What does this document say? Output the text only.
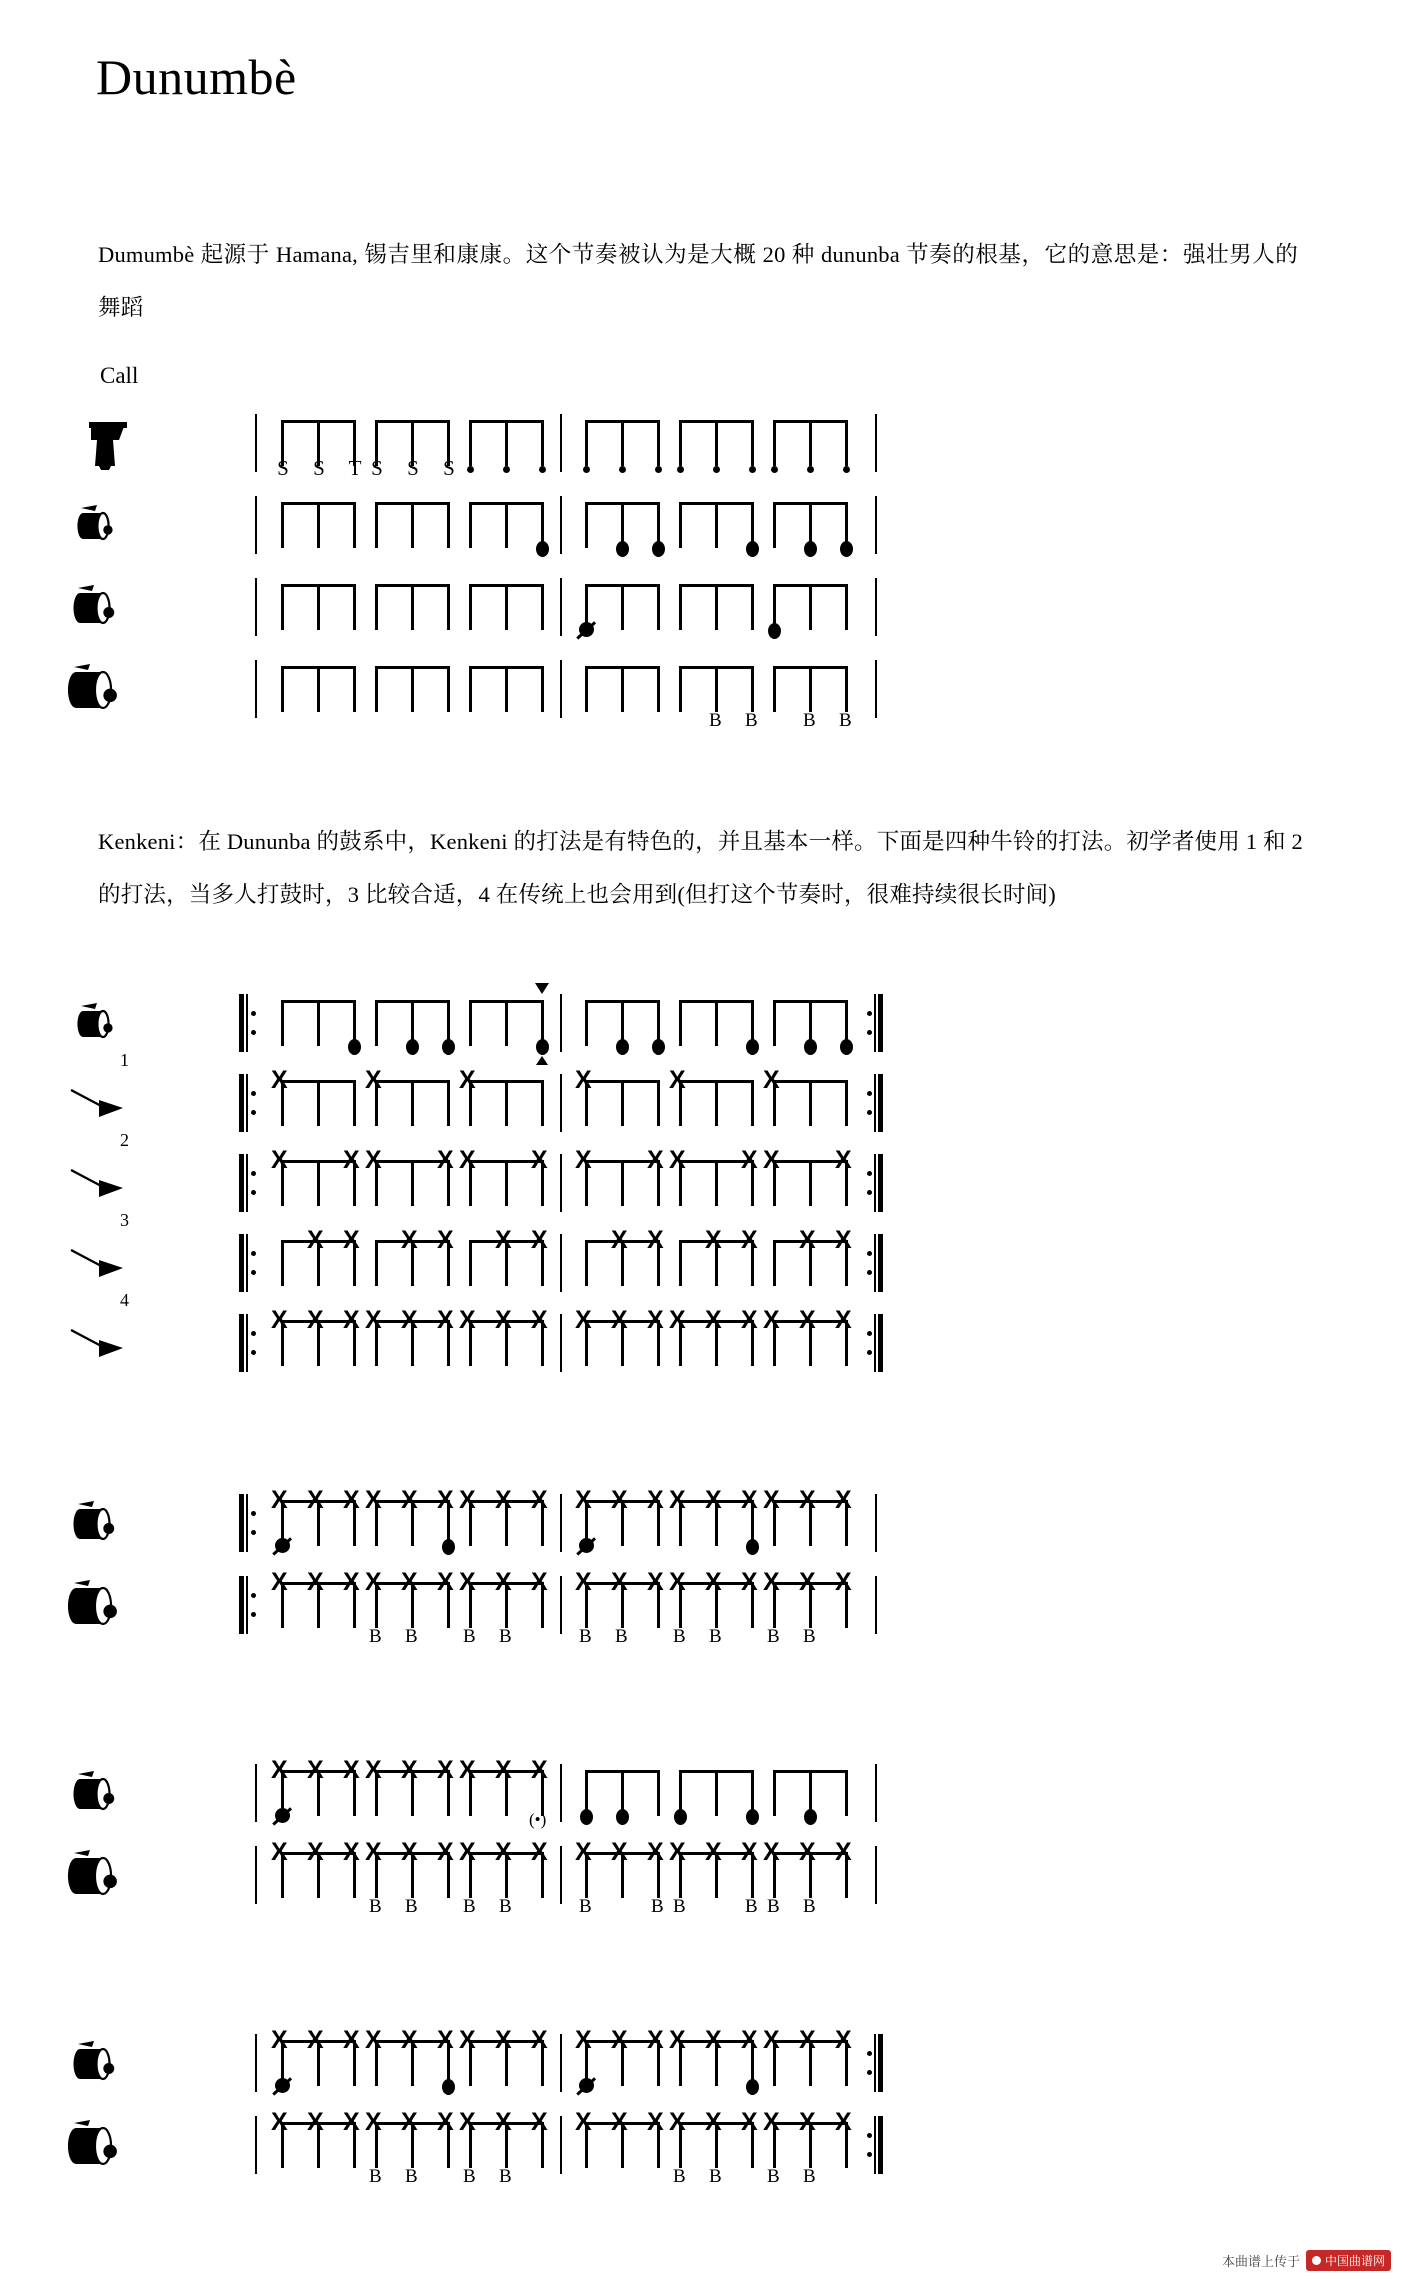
Dunumbè
Dumumbè 起源于 Hamana, 锡吉里和康康。这个节奏被认为是大概 20 种 dununba 节奏的根基，它的意思是：强壮男人的舞蹈
Call
S S T S S S
B B B B
X	X	X	X	X	X
1
X X X X X X X X X X X X
2
X X X X X X	X X X X X X
3
X X X X X X X X X X X X X X X X X X
4
X X X X X X X X X X X X X X X X X X
X X X X X X X X X X X X X X X X X X
B B B B	B B B B B B
X X X X X X X X X
(•)
X X X X X X X X X X X X X X X X X X
B B B B	B	B B	B B B
X X X X X X X X X X X X X X X X X X
X X X X X X X X X X X X X X X X X X
B B B B	B B B B
Kenkeni：在 Dununba 的鼓系中，Kenkeni 的打法是有特色的，并且基本一样。下面是四种牛铃的打法。初学者使用 1 和 2 的打法，当多人打鼓时，3 比较合适，4 在传统上也会用到(但打这个节奏时，很难持续很长时间)
本曲谱上传于 中国曲谱网
